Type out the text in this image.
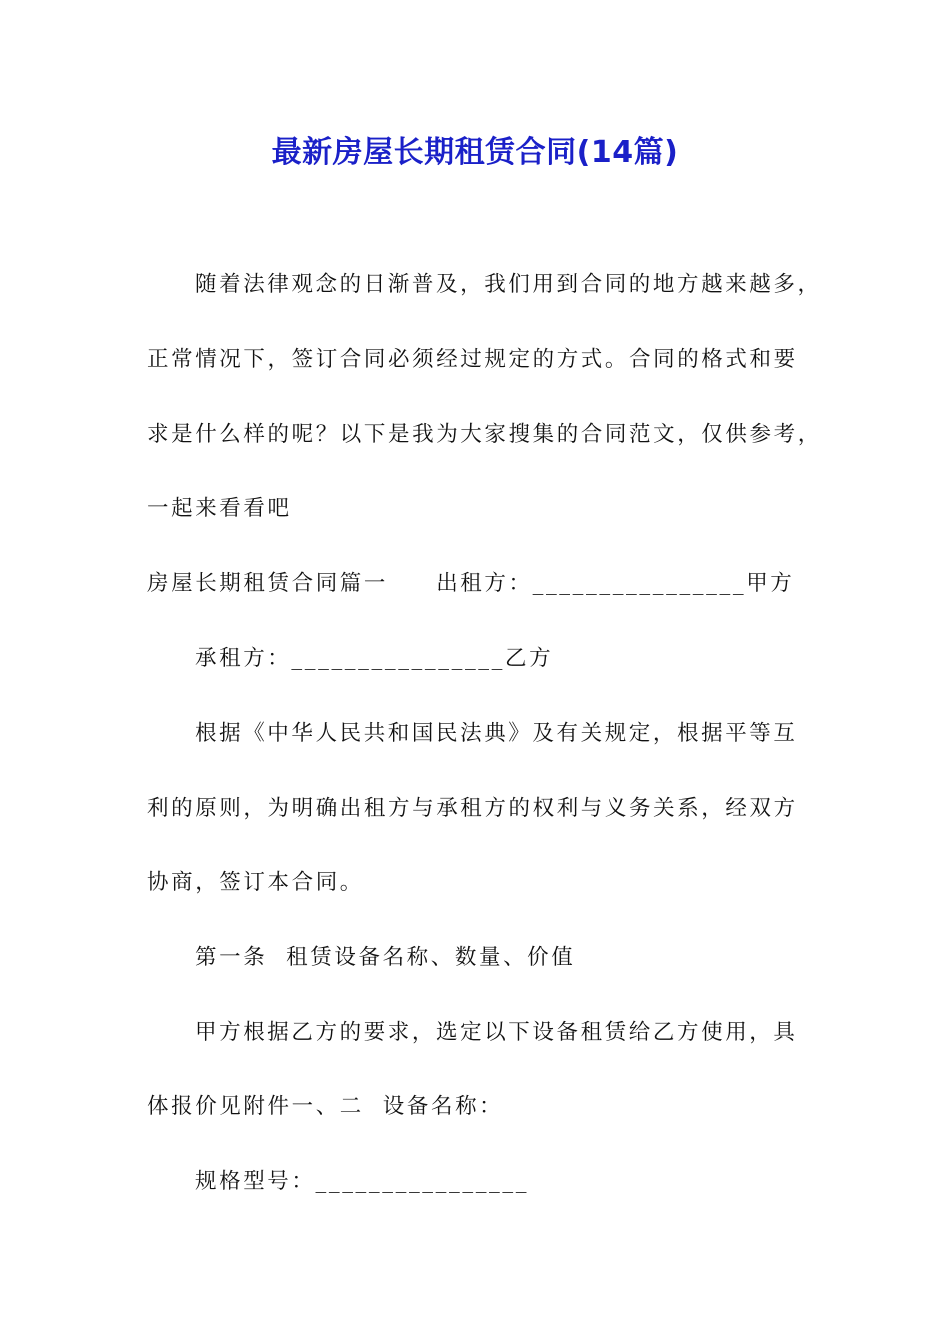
最新房屋长期租赁合同(14篇)
随着法律观念的日渐普及，我们用到合同的地方越来越多，
正常情况下，签订合同必须经过规定的方式。合同的格式和要
求是什么样的呢？以下是我为大家搜集的合同范文，仅供参考，
一起来看看吧
房屋长期租赁合同篇一　　出租方：________________甲方
承租方：________________乙方
根据《中华人民共和国民法典》及有关规定，根据平等互
利的原则，为明确出租方与承租方的权利与义务关系，经双方
协商，签订本合同。
第一条  租赁设备名称、数量、价值
甲方根据乙方的要求，选定以下设备租赁给乙方使用，具
体报价见附件一、二  设备名称：
规格型号：________________
